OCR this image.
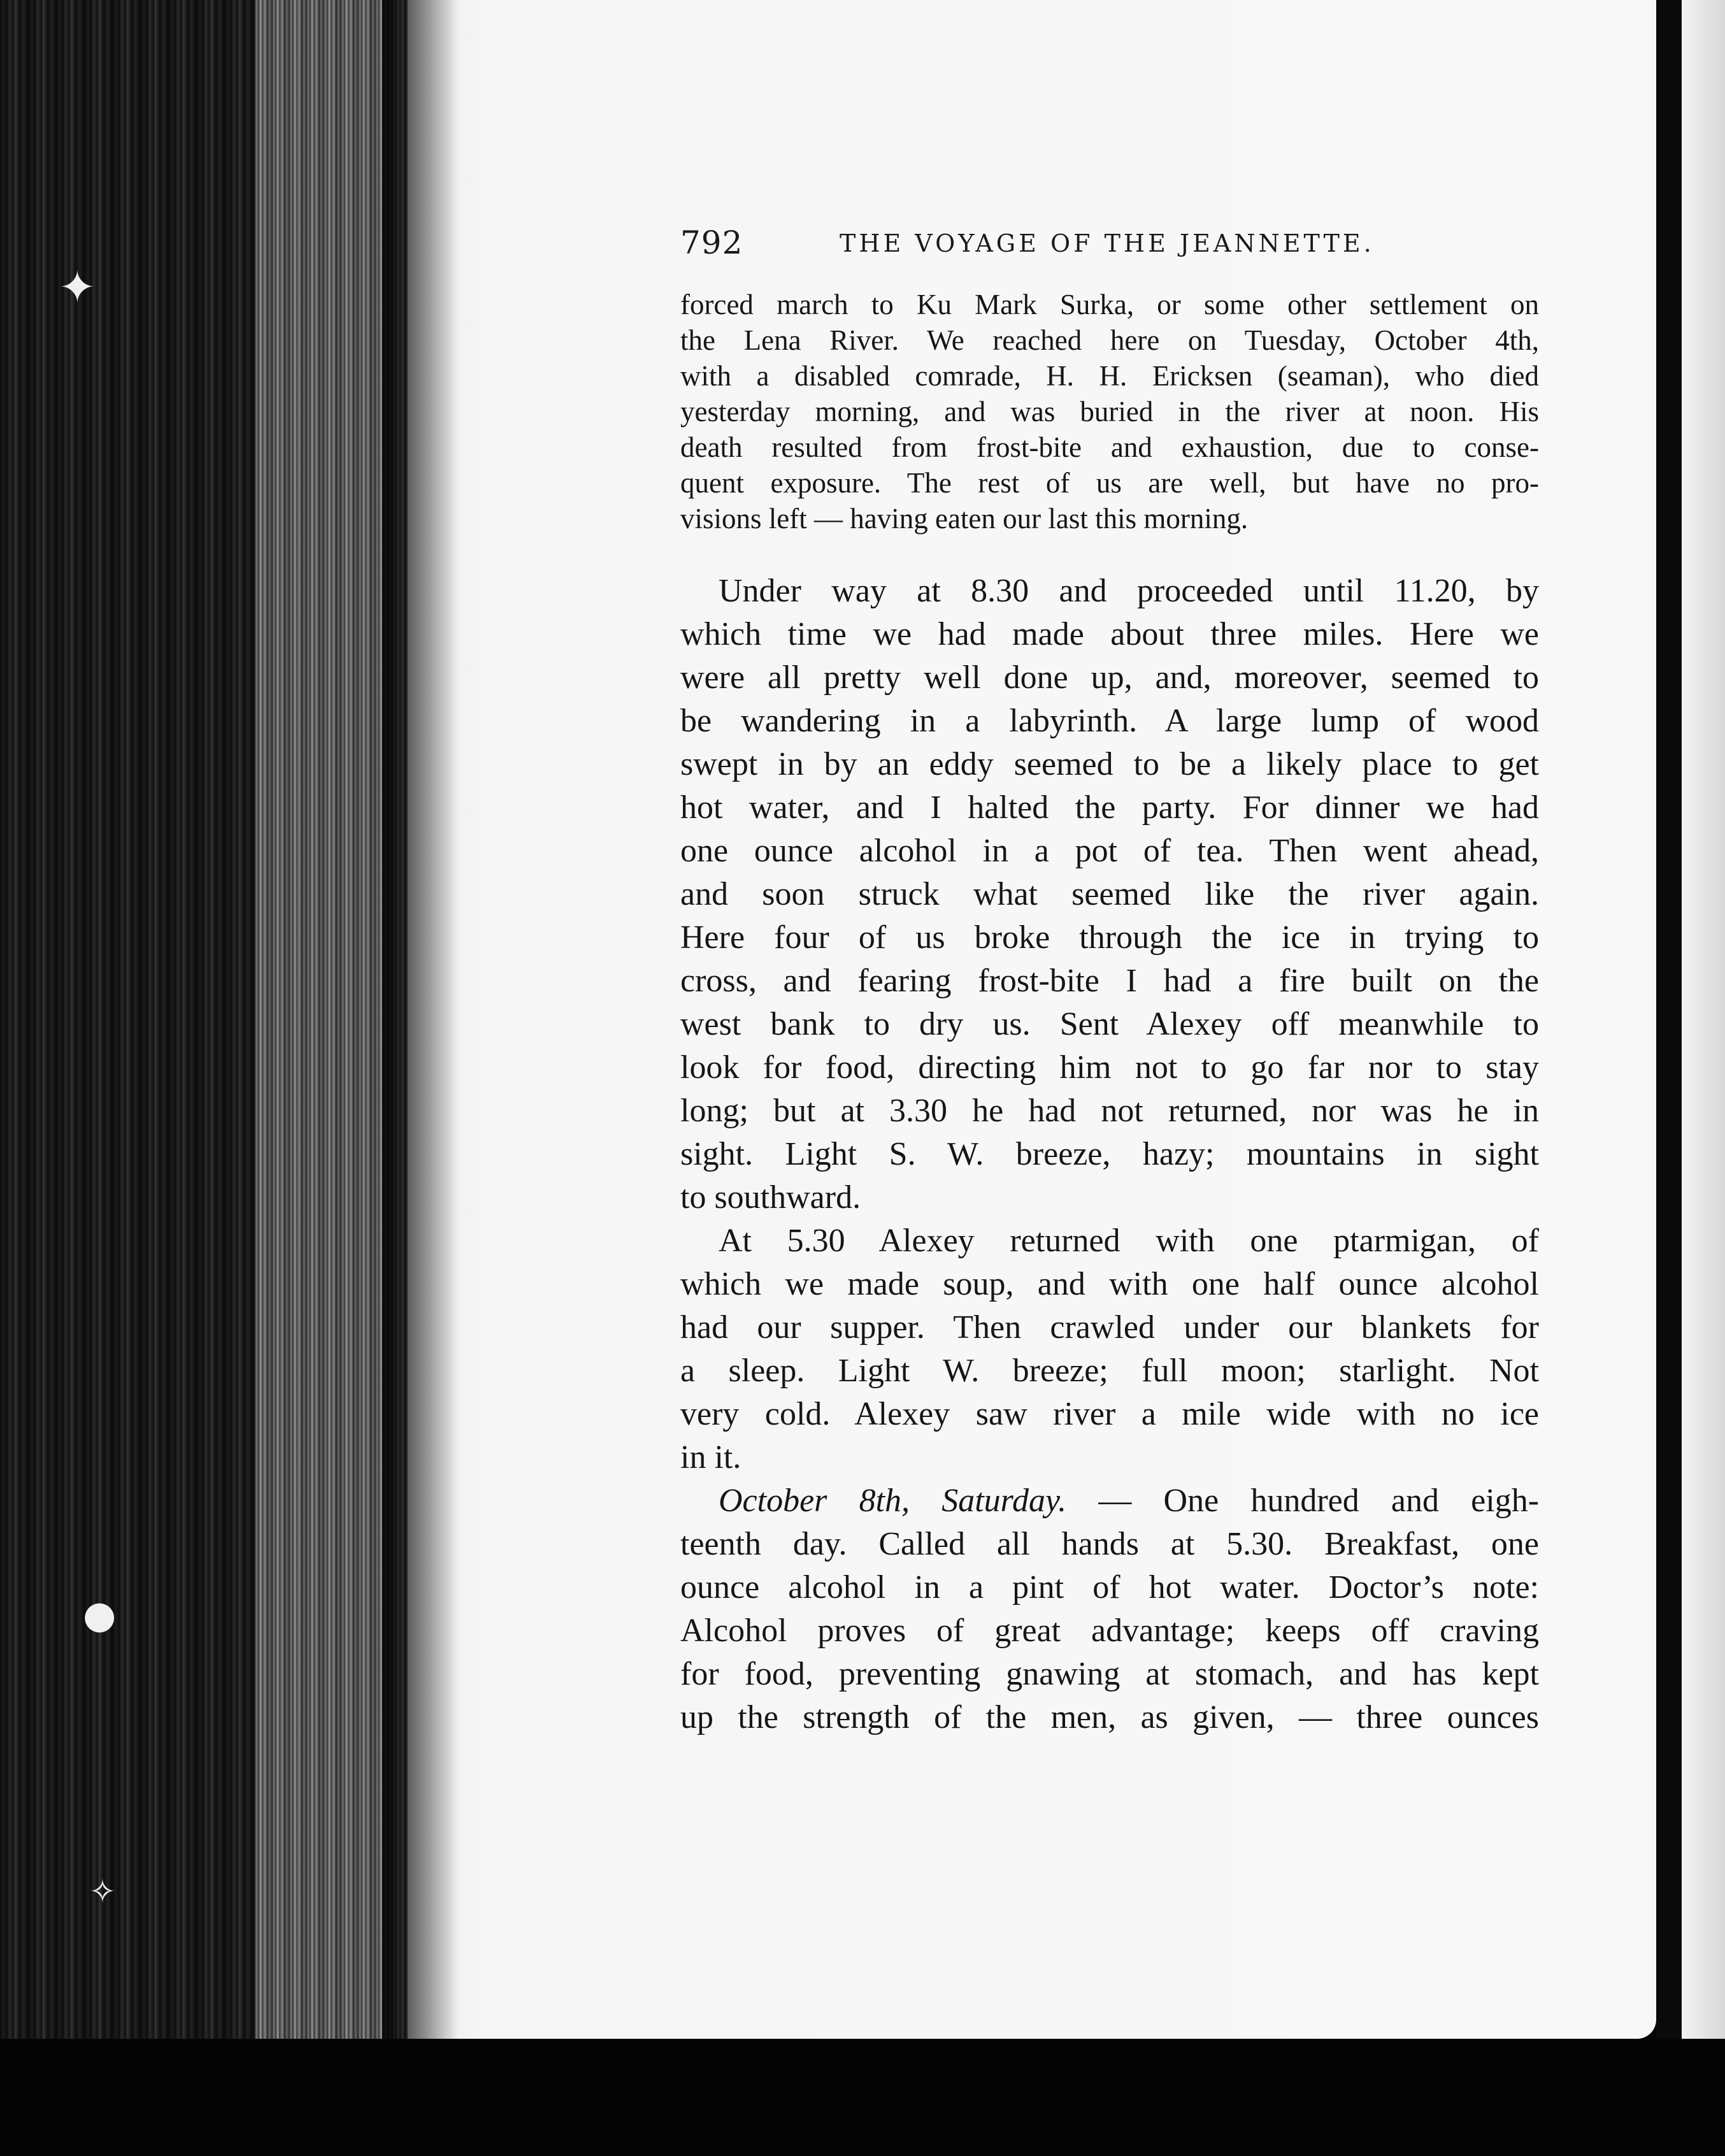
✦
●
✧
792	THE VOYAGE OF THE JEANNETTE.
forced march to Ku Mark Surka, or some other settlement on
the Lena River. We reached here on Tuesday, October 4th,
with a disabled comrade, H. H. Ericksen (seaman), who died
yesterday morning, and was buried in the river at noon. His
death resulted from frost-bite and exhaustion, due to conse-
quent exposure. The rest of us are well, but have no pro-
visions left — having eaten our last this morning.
Under way at 8.30 and proceeded until 11.20, by
which time we had made about three miles. Here we
were all pretty well done up, and, moreover, seemed to
be wandering in a labyrinth. A large lump of wood
swept in by an eddy seemed to be a likely place to get
hot water, and I halted the party. For dinner we had
one ounce alcohol in a pot of tea. Then went ahead,
and soon struck what seemed like the river again.
Here four of us broke through the ice in trying to
cross, and fearing frost-bite I had a fire built on the
west bank to dry us. Sent Alexey off meanwhile to
look for food, directing him not to go far nor to stay
long; but at 3.30 he had not returned, nor was he in
sight. Light S. W. breeze, hazy; mountains in sight
to southward.
At 5.30 Alexey returned with one ptarmigan, of
which we made soup, and with one half ounce alcohol
had our supper. Then crawled under our blankets for
a sleep. Light W. breeze; full moon; starlight. Not
very cold. Alexey saw river a mile wide with no ice
in it.
October 8th, Saturday. — One hundred and eigh-
teenth day. Called all hands at 5.30. Breakfast, one
ounce alcohol in a pint of hot water. Doctor’s note:
Alcohol proves of great advantage; keeps off craving
for food, preventing gnawing at stomach, and has kept
up the strength of the men, as given, — three ounces
